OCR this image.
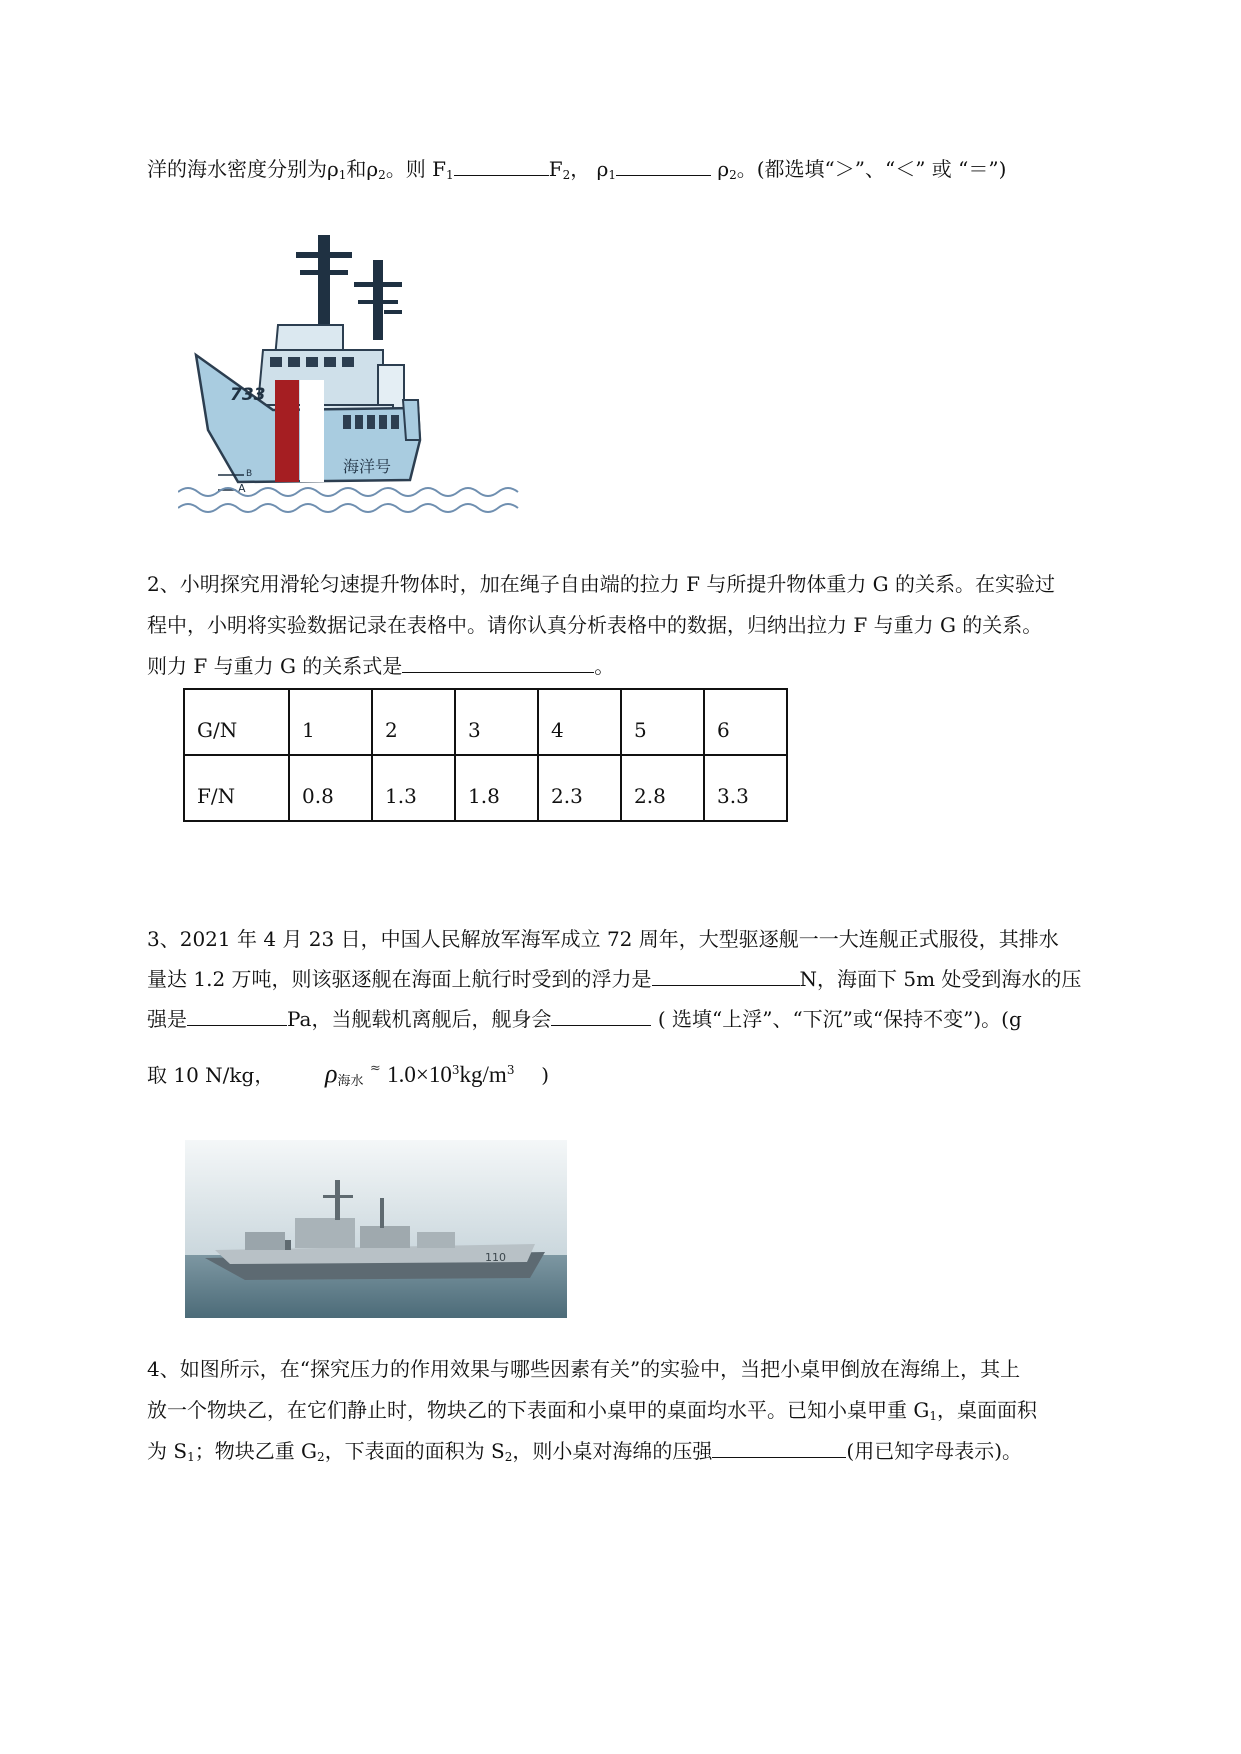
洋的海水密度分别为$\rho_1$和$\rho_2$。则 $F_1$	$F_2$， $\rho_1$	$\rho_2$。(都选填“＞”、“＜” 或 “＝”)
733
海洋号
B
A
2、小明探究用滑轮匀速提升物体时，加在绳子自由端的拉力 F 与所提升物体重力 G 的关系。在实验过
程中，小明将实验数据记录在表格中。请你认真分析表格中的数据，归纳出拉力 F 与重力 G 的关系。
则力 F 与重力 G 的关系式是	。
G/N	1	2	3	4	5	6
F/N	0.8	1.3	1.8	2.3	2.8	3.3
3、2021 年 4 月 23 日，中国人民解放军海军成立 72 周年，大型驱逐舰一一大连舰正式服役，其排水
量达 1.2 万吨，则该驱逐舰在海面上航行时受到的浮力是	N，海面下 5m 处受到海水的压
强是	Pa，当舰载机离舰后，舰身会	( 选填“上浮”、“下沉”或“保持不变”)。(g
取 10 N/kg， $\rho_{海水}$ ≈ $1.0\times 10^3kg/m^3$ )
110
4、如图所示，在“探究压力的作用效果与哪些因素有关”的实验中，当把小桌甲倒放在海绵上，其上
放一个物块乙，在它们静止时，物块乙的下表面和小桌甲的桌面均水平。已知小桌甲重 $G_1$，桌面面积
为 $S_1$；物块乙重 $G_2$，下表面的面积为 $S_2$，则小桌对海绵的压强	(用已知字母表示)。
